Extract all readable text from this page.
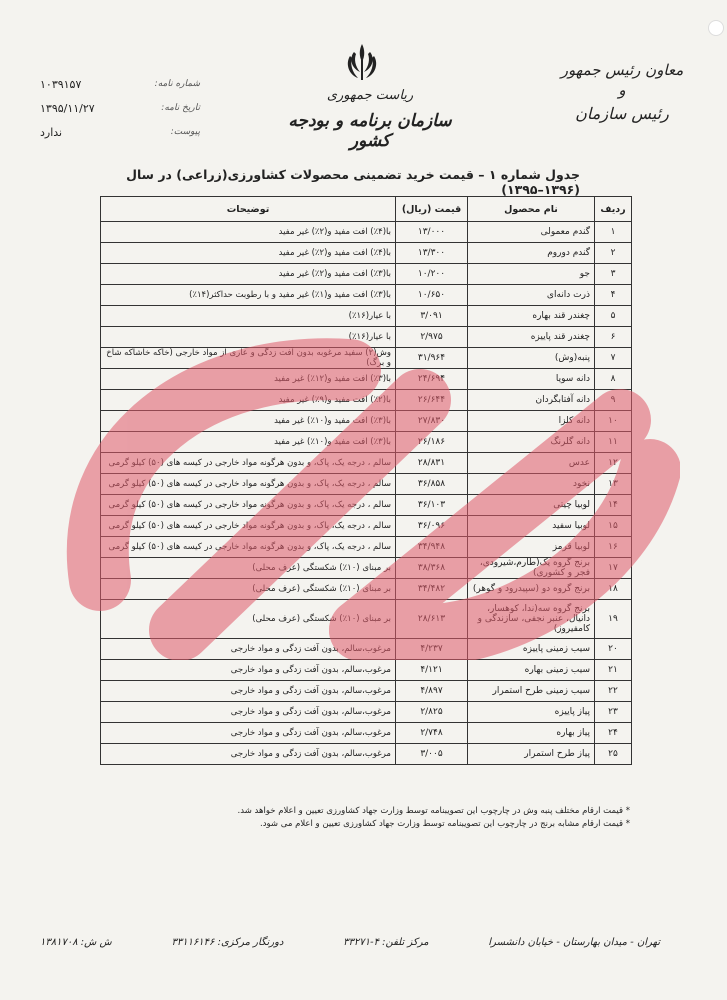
معاون رئیس جمهور
و
رئیس سازمان
ریاست جمهوری
سازمان برنامه و بودجه کشور
۱۰۳۹۱۵۷	شماره نامه:
۱۳۹۵/۱۱/۲۷	تاریخ نامه:
ندارد	پیوست:
جدول شماره ۱ – قیمت خرید تضمینی محصولات کشاورزی(زراعی) در سال (۱۳۹۶–۱۳۹۵)
ردیف	نام محصول	قیمت (ریال)	توضیحات
۱	گندم معمولی	۱۳/۰۰۰	با(۴٪) افت مفید و(۲٪) غیر مفید
۲	گندم دوروم	۱۳/۳۰۰	با(۴٪) افت مفید و(۲٪) غیر مفید
۳	جو	۱۰/۲۰۰	با(۳٪) افت مفید و(۲٪) غیر مفید
۴	ذرت دانه‌ای	۱۰/۶۵۰	با(۳٪) افت مفید و(۱٪) غیر مفید و با رطوبت حداکثر(۱۴٪)
۵	چغندر قند بهاره	۳/۰۹۱	با عیار(۱۶٪)
۶	چغندر قند پاییزه	۲/۹۷۵	با عیار(۱۶٪)
۷	پنبه(وش)	۳۱/۹۶۴	وش(۲) سفید مرغوبه بدون آفت زدگی و عاری از مواد خارجی (خاکه خاشاکه شاخ و برگ)
۸	دانه سویا	۲۴/۶۹۴	با(۳٪) افت مفید و(۱۲٪) غیر مفید
۹	دانه آفتابگردان	۲۶/۶۴۴	با(۲٪) افت مفید و(۹٪) غیر مفید
۱۰	دانه کلزا	۲۷/۸۳۰	با(۳٪) افت مفید و(۱۰٪) غیر مفید
۱۱	دانه گلرنگ	۲۶/۱۸۶	با(۳٪) افت مفید و(۱۰٪) غیر مفید
۱۲	عدس	۲۸/۸۳۱	سالم ، درجه یک، پاک، و بدون هرگونه مواد خارجی در کیسه های (۵۰) کیلو گرمی
۱۳	نخود	۳۶/۸۵۸	سالم ، درجه یک، پاک، و بدون هرگونه مواد خارجی در کیسه های (۵۰) کیلو گرمی
۱۴	لوبیا چیتی	۳۶/۱۰۳	سالم ، درجه یک، پاک، و بدون هرگونه مواد خارجی در کیسه های (۵۰) کیلو گرمی
۱۵	لوبیا سفید	۳۶/۰۹۶	سالم ، درجه یک، پاک، و بدون هرگونه مواد خارجی در کیسه های (۵۰) کیلو گرمی
۱۶	لوبیا قرمز	۳۴/۹۴۸	سالم ، درجه یک، پاک، و بدون هرگونه مواد خارجی در کیسه های (۵۰) کیلو گرمی
۱۷	برنج گروه یک(طارم،شیرودی، فجر و کشوری)	۳۸/۳۶۸	بر مبنای (۱۰٪) شکستگی (عرف محلی)
۱۸	برنج گروه دو (سپیدرود و گوهر)	۳۴/۴۸۲	بر مبنای (۱۰٪) شکستگی (عرف محلی)
۱۹	برنج گروه سه(ندا، کوهسار، دانیال، عنبر نجفی، سازندگی و کامفیروز)	۲۸/۶۱۳	بر مبنای (۱۰٪) شکستگی (عرف محلی)
۲۰	سیب زمینی پاییزه	۴/۲۳۷	مرغوب،سالم، بدون آفت زدگی و مواد خارجی
۲۱	سیب زمینی بهاره	۴/۱۲۱	مرغوب،سالم، بدون آفت زدگی و مواد خارجی
۲۲	سیب زمینی طرح استمرار	۴/۸۹۷	مرغوب،سالم، بدون آفت زدگی و مواد خارجی
۲۳	پیاز پاییزه	۲/۸۲۵	مرغوب،سالم، بدون آفت زدگی و مواد خارجی
۲۴	پیاز بهاره	۲/۷۴۸	مرغوب،سالم، بدون آفت زدگی و مواد خارجی
۲۵	پیاز طرح استمرار	۳/۰۰۵	مرغوب،سالم، بدون آفت زدگی و مواد خارجی
* قیمت ارقام مختلف پنبه وش در چارچوب این تصویبنامه توسط وزارت جهاد کشاورزی تعیین و اعلام خواهد شد.
* قیمت ارقام مشابه برنج در چارچوب این تصویبنامه توسط وزارت جهاد کشاورزی تعیین و اعلام می شود.
تهران - میدان بهارستان - خیابان دانشسرا
مرکز تلفن: ۴-۳۳۲۷۱
دورنگار مرکزی: ۳۳۱۱۶۱۴۶
ش ش: ۱۳۸۱۷۰۸
